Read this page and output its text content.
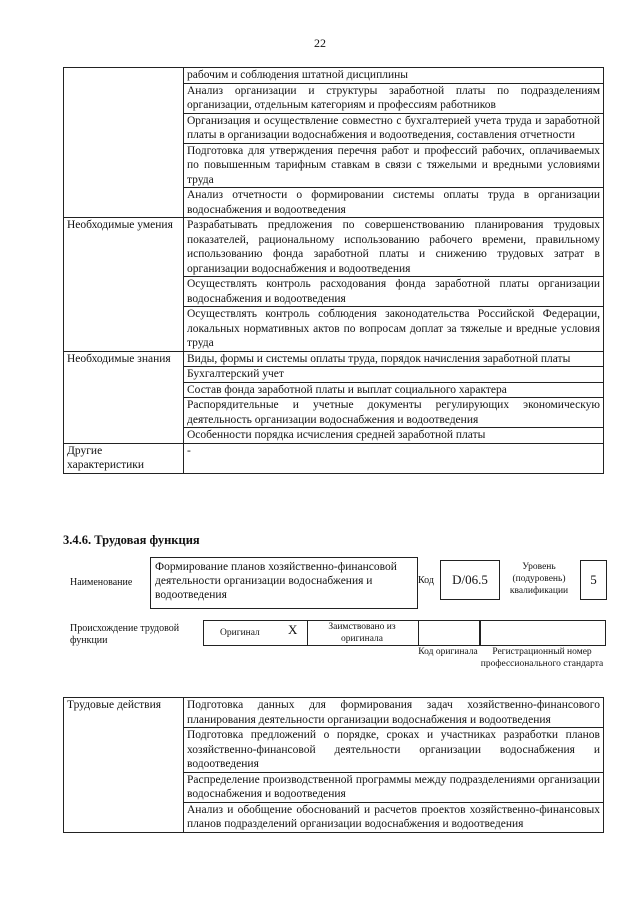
22
	рабочим и соблюдения штатной дисциплины
	Анализ организации и структуры заработной платы по подразделениям организации, отдельным категориям и профессиям работников
	Организация и осуществление совместно с бухгалтерией учета труда и заработной платы в организации водоснабжения и водоотведения, составления отчетности
	Подготовка для утверждения перечня работ и профессий рабочих, оплачиваемых по повышенным тарифным ставкам в связи с тяжелыми и вредными условиями труда
	Анализ отчетности о формировании системы оплаты труда в организации водоснабжения и водоотведения
Необходимые умения	Разрабатывать предложения по совершенствованию планирования трудовых показателей, рациональному использованию рабочего времени, правильному использованию фонда заработной платы и снижению трудовых затрат в организации водоснабжения и водоотведения
	Осуществлять контроль расходования фонда заработной платы организации водоснабжения и водоотведения
	Осуществлять контроль соблюдения законодательства Российской Федерации, локальных нормативных актов по вопросам доплат за тяжелые и вредные условия труда
Необходимые знания	Виды, формы и системы оплаты труда, порядок начисления заработной платы
	Бухгалтерский учет
	Состав фонда заработной платы и выплат социального характера
	Распорядительные и учетные документы регулирующих экономическую деятельность организации водоснабжения и водоотведения
	Особенности порядка исчисления средней заработной платы
Другие характеристики	-
3.4.6. Трудовая функция
Наименование
Формирование планов хозяйственно-финансовой деятельности организации водоснабжения и водоотведения
Код	D/06.5
Уровень (подуровень) квалификации
5
Происхождение трудовой функции
Оригинал X	Заимствовано из оригинала
Код оригинала	Регистрационный номер профессионального стандарта
Трудовые действия	Подготовка данных для формирования задач хозяйственно-финансового планирования деятельности организации водоснабжения и водоотведения
Подготовка предложений о порядке, сроках и участниках разработки планов хозяйственно-финансовой деятельности организации водоснабжения и водоотведения
Распределение производственной программы между подразделениями организации водоснабжения и водоотведения
Анализ и обобщение обоснований и расчетов проектов хозяйственно-финансовых планов подразделений организации водоснабжения и водоотведения
